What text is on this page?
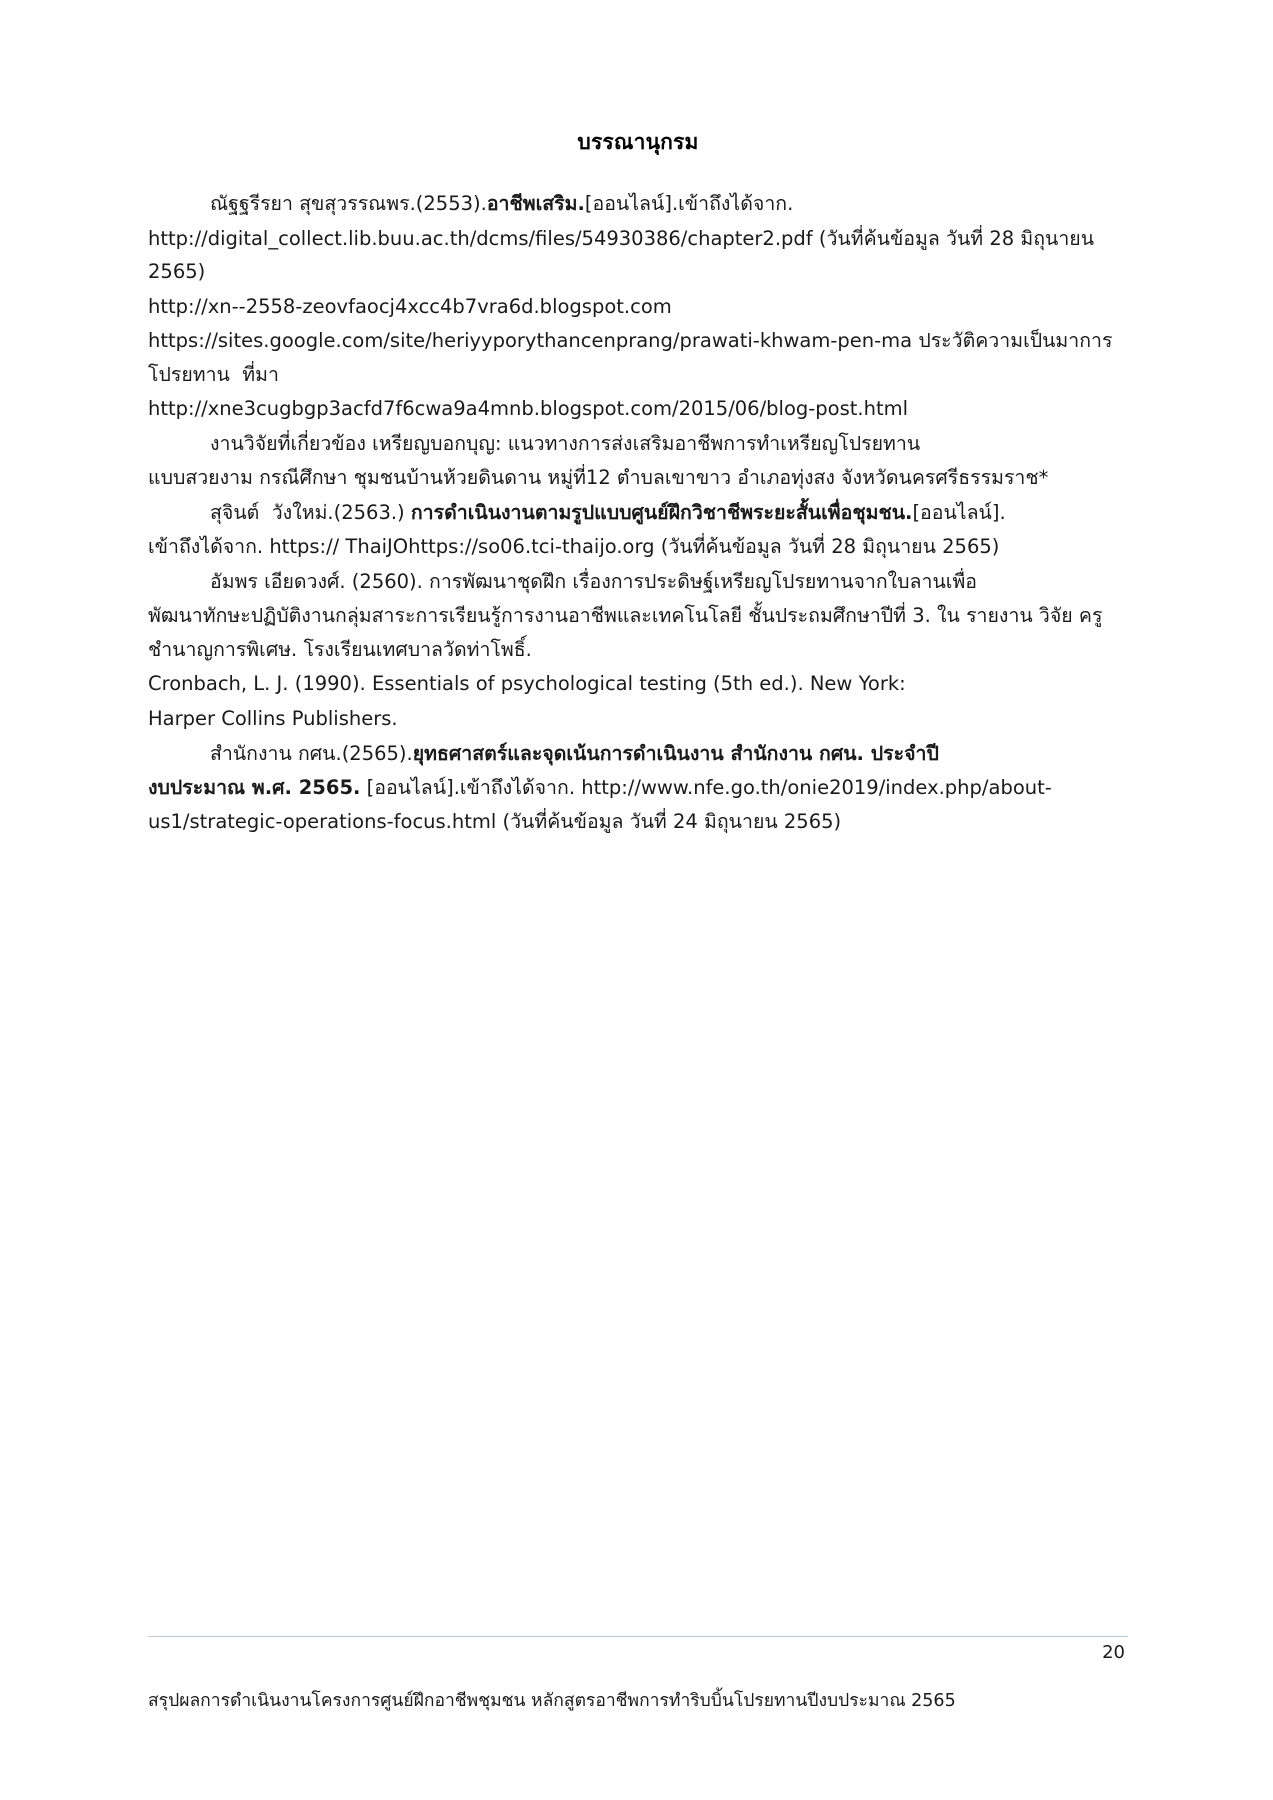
บรรณานุกรม

ณัฐฐรีรยา สุขสุวรรณพร.(2553).อาชีพเสริม.[ออนไลน์].เข้าถึงได้จาก.

http://digital_collect.lib.buu.ac.th/dcms/files/54930386/chapter2.pdf (วันที่ค้นข้อมูล วันที่ 28 มิถุนายน 2565)

http://xn--2558-zeovfaocj4xcc4b7vra6d.blogspot.com

https://sites.google.com/site/heriyyporythancenprang/prawati-khwam-pen-ma ประวัติความเป็นมาการโปรยทาน  ที่มา

http://xne3cugbgp3acfd7f6cwa9a4mnb.blogspot.com/2015/06/blog-post.html

งานวิจัยที่เกี่ยวข้อง เหรียญบอกบุญ: แนวทางการส่งเสริมอาชีพการทำเหรียญโปรยทาน

แบบสวยงาม กรณีศึกษา ชุมชนบ้านห้วยดินดาน หมู่ที่12 ตำบลเขาขาว อำเภอทุ่งสง จังหวัดนครศรีธรรมราช*

สุจินต์  วังใหม่.(2563.) การดำเนินงานตามรูปแบบศูนย์ฝึกวิชาชีพระยะสั้นเพื่อชุมชน.[ออนไลน์].

เข้าถึงได้จาก. https:// ThaiJOhttps://so06.tci-thaijo.org (วันที่ค้นข้อมูล วันที่ 28 มิถุนายน 2565)

อัมพร เอียดวงศ์. (2560). การพัฒนาชุดฝึก เรื่องการประดิษฐ์เหรียญโปรยทานจากใบลานเพื่อ

พัฒนาทักษะปฏิบัติงานกลุ่มสาระการเรียนรู้การงานอาชีพและเทคโนโลยี ชั้นประถมศึกษาปีที่ 3. ใน รายงาน วิจัย ครูชำนาญการพิเศษ. โรงเรียนเทศบาลวัดท่าโพธิ์.

Cronbach, L. J. (1990). Essentials of psychological testing (5th ed.). New York:

Harper Collins Publishers.

สำนักงาน กศน.(2565).ยุทธศาสตร์และจุดเน้นการดำเนินงาน สำนักงาน กศน. ประจำปี

งบประมาณ พ.ศ. 2565. [ออนไลน์].เข้าถึงได้จาก. http://www.nfe.go.th/onie2019/index.php/about-us1/strategic-operations-focus.html (วันที่ค้นข้อมูล วันที่ 24 มิถุนายน 2565)

20
สรุปผลการดำเนินงานโครงการศูนย์ฝึกอาชีพชุมชน หลักสูตรอาชีพการทำริบบิ้นโปรยทานปีงบประมาณ 2565
